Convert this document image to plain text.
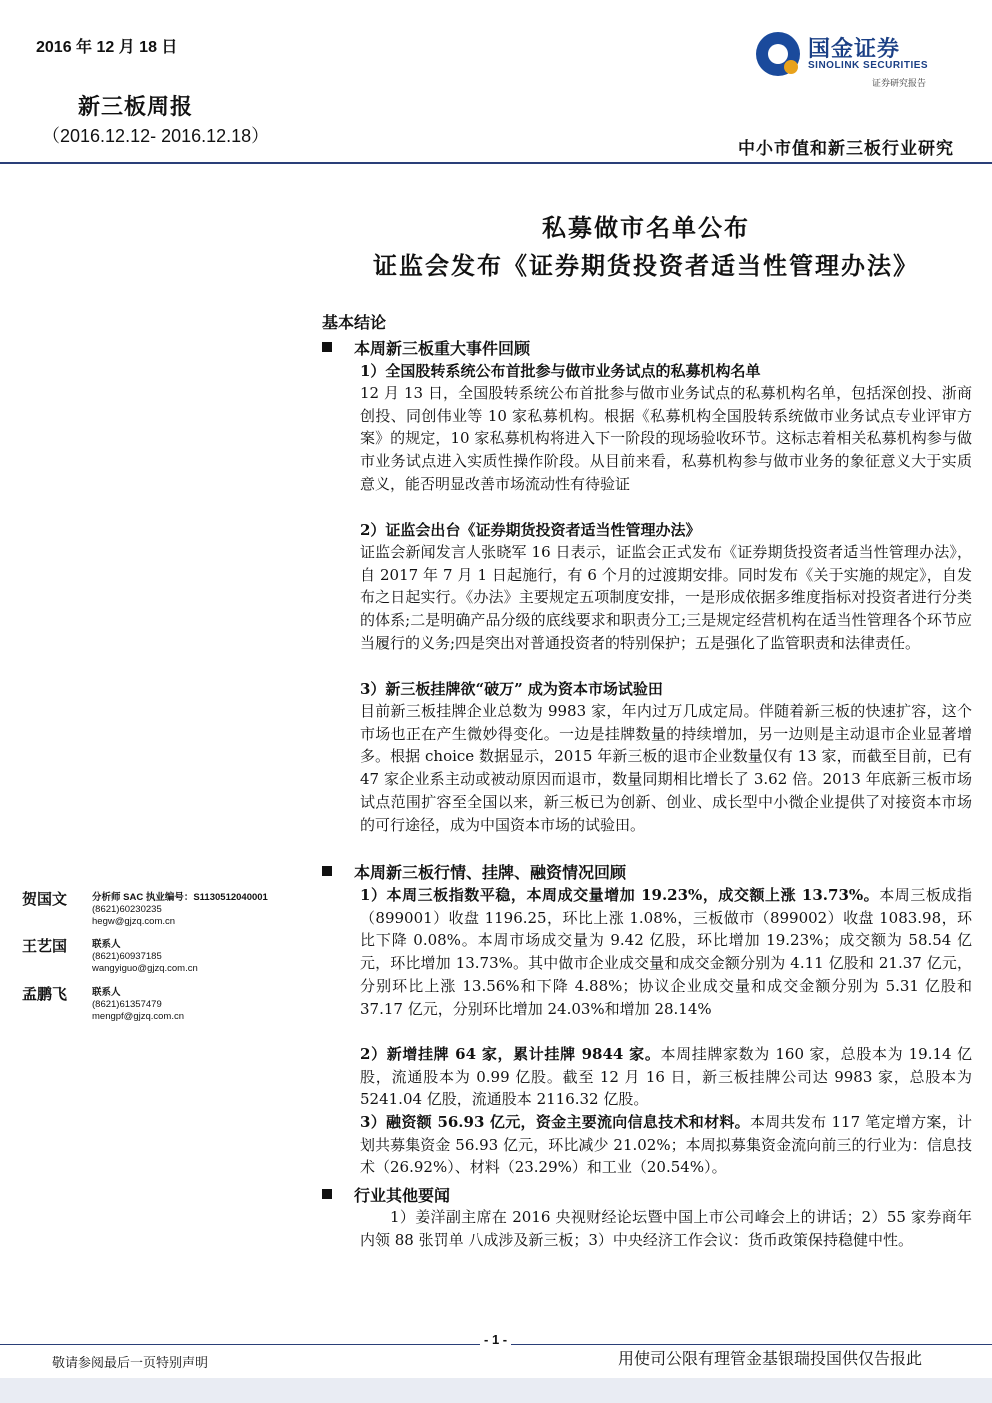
2016 年 12 月 18 日
新三板周报
（2016.12.12- 2016.12.18）
国金证券
SINOLINK SECURITIES
证券研究报告
中小市值和新三板行业研究
私募做市名单公布
证监会发布《证券期货投资者适当性管理办法》
基本结论
本周新三板重大事件回顾
1）全国股转系统公布首批参与做市业务试点的私募机构名单

12 月 13 日，全国股转系统公布首批参与做市业务试点的私募机构名单，包括深创投、浙商创投、同创伟业等 10 家私募机构。根据《私募机构全国股转系统做市业务试点专业评审方案》的规定，10 家私募机构将进入下一阶段的现场验收环节。这标志着相关私募机构参与做市业务试点进入实质性操作阶段。从目前来看，私募机构参与做市业务的象征意义大于实质意义，能否明显改善市场流动性有待验证

2）证监会出台《证券期货投资者适当性管理办法》

证监会新闻发言人张晓军 16 日表示，证监会正式发布《证券期货投资者适当性管理办法》，自 2017 年 7 月 1 日起施行，有 6 个月的过渡期安排。同时发布《关于实施的规定》，自发布之日起实行。《办法》主要规定五项制度安排，一是形成依据多维度指标对投资者进行分类的体系;二是明确产品分级的底线要求和职责分工;三是规定经营机构在适当性管理各个环节应当履行的义务;四是突出对普通投资者的特别保护；五是强化了监管职责和法律责任。

3）新三板挂牌欲“破万” 成为资本市场试验田

目前新三板挂牌企业总数为 9983 家，年内过万几成定局。伴随着新三板的快速扩容，这个市场也正在产生微妙得变化。一边是挂牌数量的持续增加，另一边则是主动退市企业显著增多。根据 choice 数据显示，2015 年新三板的退市企业数量仅有 13 家，而截至目前，已有 47 家企业系主动或被动原因而退市，数量同期相比增长了 3.62 倍。2013 年底新三板市场试点范围扩容至全国以来，新三板已为创新、创业、成长型中小微企业提供了对接资本市场的可行途径，成为中国资本市场的试验田。

本周新三板行情、挂牌、融资情况回顾

1）本周三板指数平稳，本周成交量增加 19.23%，成交额上涨 13.73%。本周三板成指（899001）收盘 1196.25，环比上涨 1.08%，三板做市（899002）收盘 1083.98，环比下降 0.08%。本周市场成交量为 9.42 亿股，环比增加 19.23%；成交额为 58.54 亿元，环比增加 13.73%。其中做市企业成交量和成交金额分别为 4.11 亿股和 21.37 亿元，分别环比上涨 13.56%和下降 4.88%；协议企业成交量和成交金额分别为 5.31 亿股和 37.17 亿元，分别环比增加 24.03%和增加 28.14%

2）新增挂牌 64 家，累计挂牌 9844 家。本周挂牌家数为 160 家，总股本为 19.14 亿股，流通股本为 0.99 亿股。截至 12 月 16 日，新三板挂牌公司达 9983 家，总股本为 5241.04 亿股，流通股本 2116.32 亿股。

3）融资额 56.93 亿元，资金主要流向信息技术和材料。本周共发布 117 笔定增方案，计划共募集资金 56.93 亿元，环比减少 21.02%；本周拟募集资金流向前三的行业为：信息技术（26.92%）、材料（23.29%）和工业（20.54%）。

行业其他要闻

1）姜洋副主席在 2016 央视财经论坛暨中国上市公司峰会上的讲话；2）55 家券商年内领 88 张罚单 八成涉及新三板；3）中央经济工作会议：货币政策保持稳健中性。

贺国文	分析师 SAC 执业编号：S1130512040001
(8621)60230235
hegw@gjzq.com.cn
王艺国	联系人
(8621)60937185
wangyiguo@gjzq.com.cn
孟鹏飞	联系人
(8621)61357479
mengpf@gjzq.com.cn
- 1 -
敬请参阅最后一页特别声明	用使司公限有理管金基银瑞投国供仅告报此
